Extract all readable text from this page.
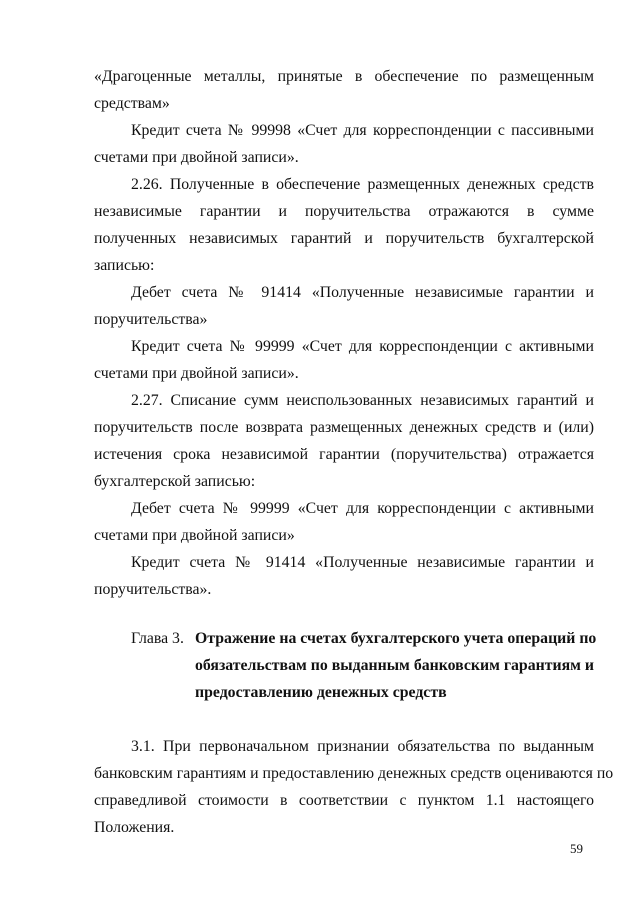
«Драгоценные металлы, принятые в обеспечение по размещенным
средствам»
Кредит счета № 99998 «Счет для корреспонденции с пассивными
счетами при двойной записи».
2.26. Полученные в обеспечение размещенных денежных средств
независимые гарантии и поручительства отражаются в сумме
полученных независимых гарантий и поручительств бухгалтерской
записью:
Дебет счета № 91414 «Полученные независимые гарантии и
поручительства»
Кредит счета № 99999 «Счет для корреспонденции с активными
счетами при двойной записи».
2.27. Списание сумм неиспользованных независимых гарантий и
поручительств после возврата размещенных денежных средств и (или)
истечения срока независимой гарантии (поручительства) отражается
бухгалтерской записью:
Дебет счета № 99999 «Счет для корреспонденции с активными
счетами при двойной записи»
Кредит счета № 91414 «Полученные независимые гарантии и
поручительства».
Глава 3. Отражение на счетах бухгалтерского учета операций по
обязательствам по выданным банковским гарантиям и
предоставлению денежных средств
3.1. При первоначальном признании обязательства по выданным
банковским гарантиям и предоставлению денежных средств оцениваются по
справедливой стоимости в соответствии с пунктом 1.1 настоящего
Положения.
59
